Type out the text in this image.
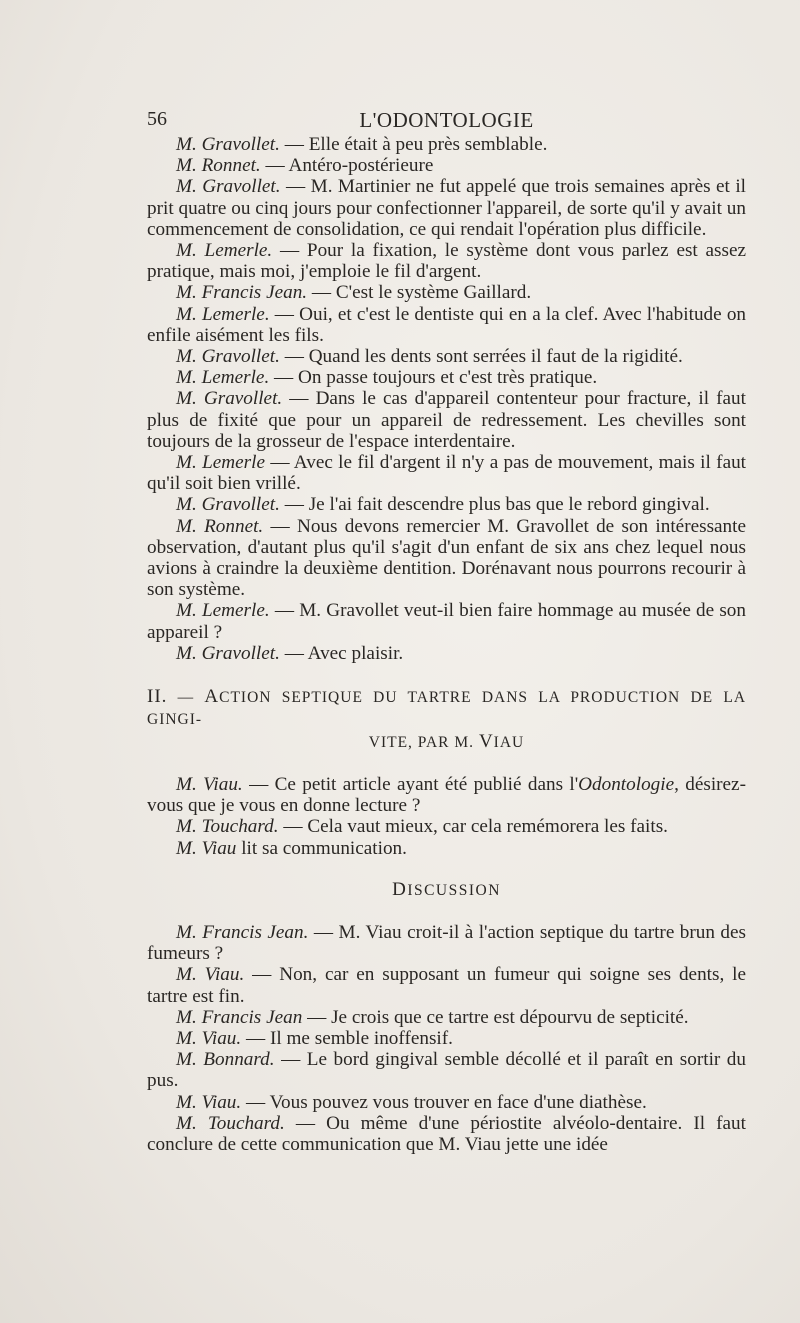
56	L'ODONTOLOGIE

M. Gravollet. — Elle était à peu près semblable.

M. Ronnet. — Antéro-postérieure

M. Gravollet. — M. Martinier ne fut appelé que trois semaines après et il prit quatre ou cinq jours pour confectionner l'appareil, de sorte qu'il y avait un commencement de consolidation, ce qui rendait l'opération plus difficile.

M. Lemerle. — Pour la fixation, le système dont vous parlez est assez pratique, mais moi, j'emploie le fil d'argent.

M. Francis Jean. — C'est le système Gaillard.

M. Lemerle. — Oui, et c'est le dentiste qui en a la clef. Avec l'habitude on enfile aisément les fils.

M. Gravollet. — Quand les dents sont serrées il faut de la rigidité.

M. Lemerle. — On passe toujours et c'est très pratique.

M. Gravollet. — Dans le cas d'appareil contenteur pour fracture, il faut plus de fixité que pour un appareil de redressement. Les chevilles sont toujours de la grosseur de l'espace interdentaire.

M. Lemerle — Avec le fil d'argent il n'y a pas de mouvement, mais il faut qu'il soit bien vrillé.

M. Gravollet. — Je l'ai fait descendre plus bas que le rebord gingival.

M. Ronnet. — Nous devons remercier M. Gravollet de son intéressante observation, d'autant plus qu'il s'agit d'un enfant de six ans chez lequel nous avions à craindre la deuxième dentition. Dorénavant nous pourrons recourir à son système.

M. Lemerle. — M. Gravollet veut-il bien faire hommage au musée de son appareil ?

M. Gravollet. — Avec plaisir.

II. — ACTION SEPTIQUE DU TARTRE DANS LA PRODUCTION DE LA GINGI-

VITE, PAR M. VIAU

M. Viau. — Ce petit article ayant été publié dans l'Odontologie, désirez-vous que je vous en donne lecture ?

M. Touchard. — Cela vaut mieux, car cela remémorera les faits.

M. Viau lit sa communication.

DISCUSSION

M. Francis Jean. — M. Viau croit-il à l'action septique du tartre brun des fumeurs ?

M. Viau. — Non, car en supposant un fumeur qui soigne ses dents, le tartre est fin.

M. Francis Jean — Je crois que ce tartre est dépourvu de septicité.

M. Viau. — Il me semble inoffensif.

M. Bonnard. — Le bord gingival semble décollé et il paraît en sortir du pus.

M. Viau. — Vous pouvez vous trouver en face d'une diathèse.

M. Touchard. — Ou même d'une périostite alvéolo-dentaire. Il faut conclure de cette communication que M. Viau jette une idée
